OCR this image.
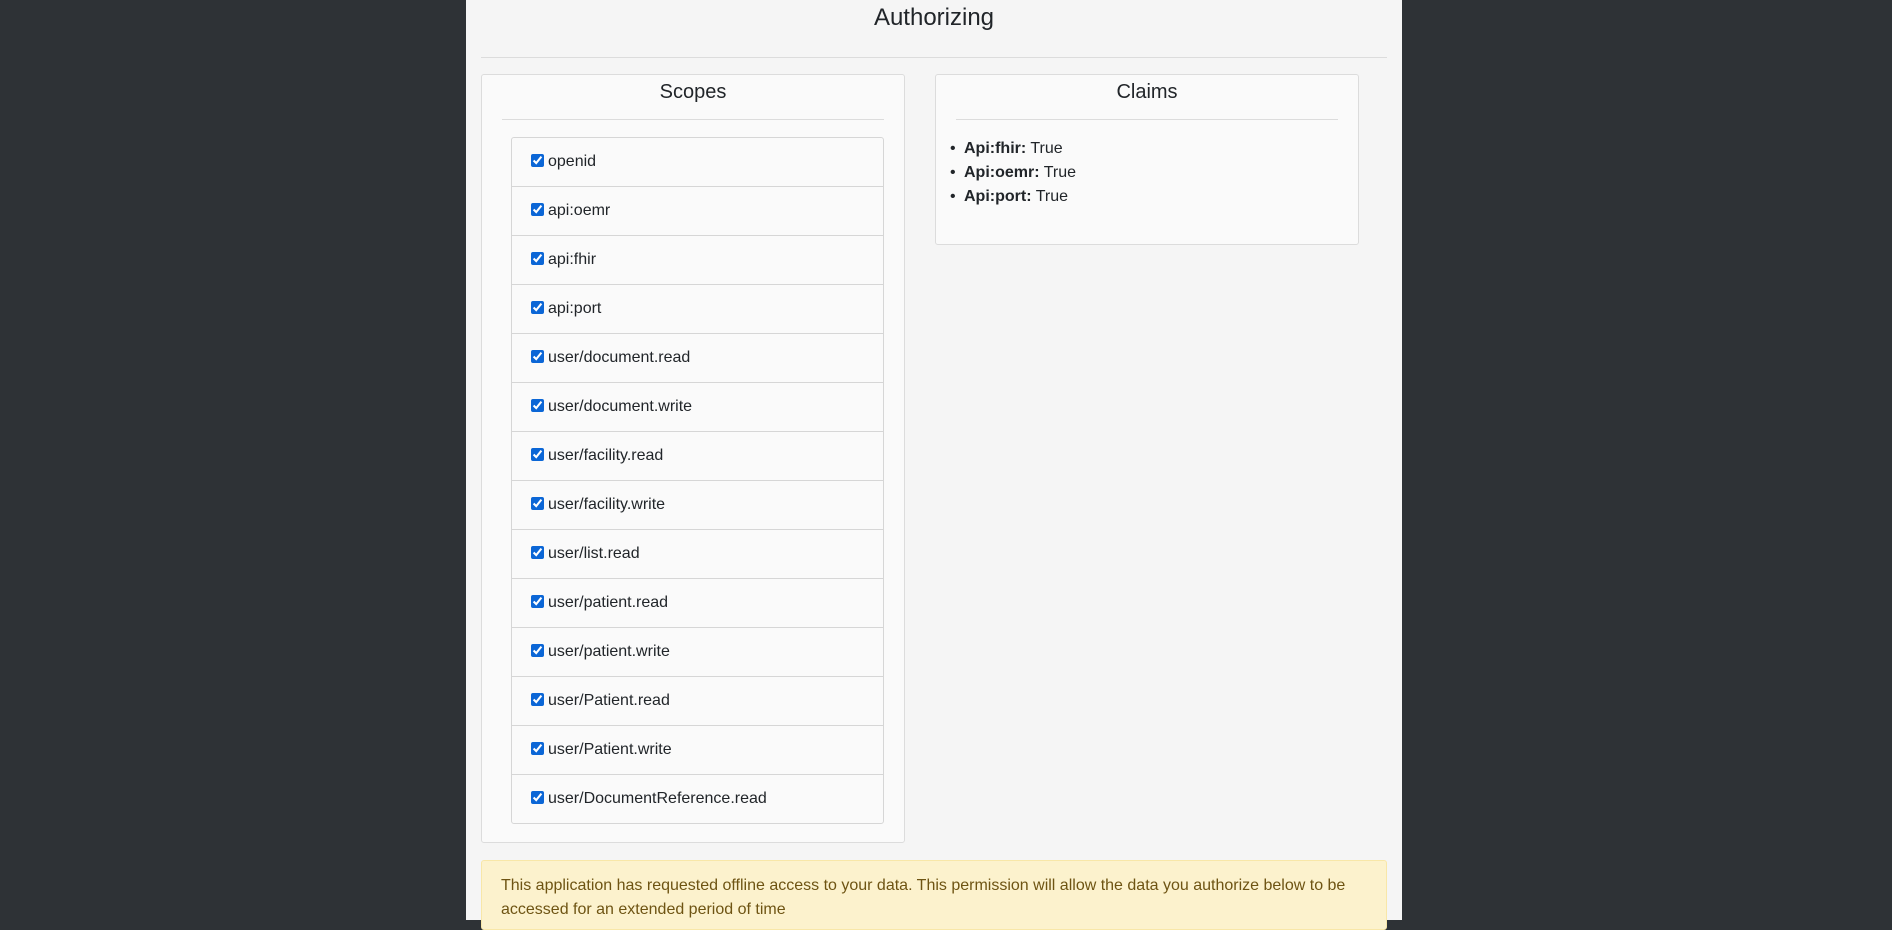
Authorizing
Scopes
openid
api:oemr
api:fhir
api:port
user/document.read
user/document.write
user/facility.read
user/facility.write
user/list.read
user/patient.read
user/patient.write
user/Patient.read
user/Patient.write
user/DocumentReference.read
Claims
• Api:fhir: True
• Api:oemr: True
• Api:port: True
This application has requested offline access to your data. This permission will allow the data you authorize below to be accessed for an extended period of time
